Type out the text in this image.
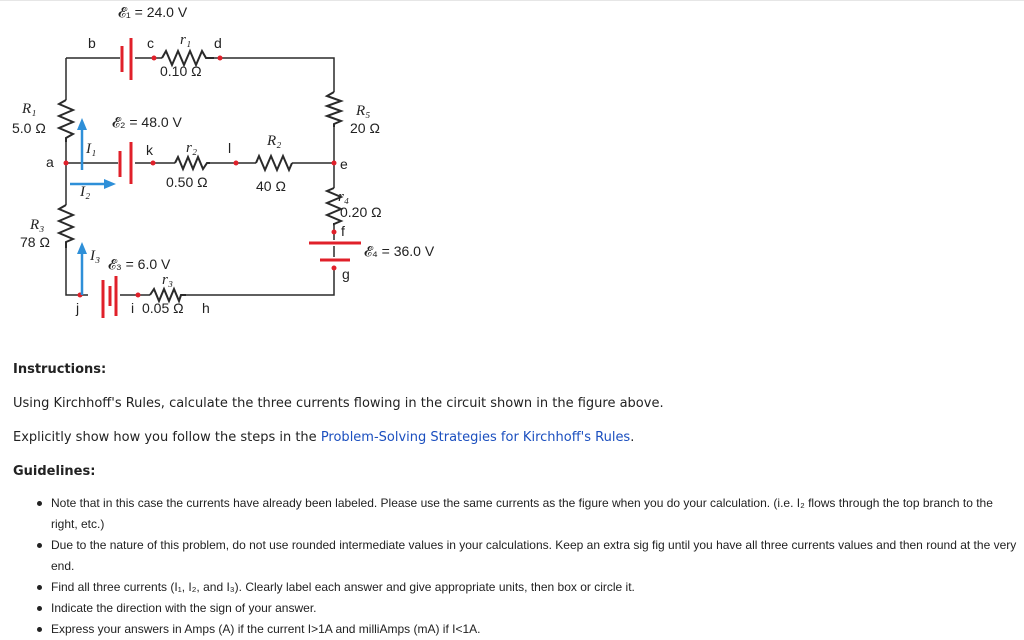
𝓔₁ = 24.0 V
b	c r₁ d
0.10 Ω
R₁
5.0 Ω
R₅
20 Ω
𝓔₂ = 48.0 V
I₁	k r₂ l R₂
a	e
I₂
0.50 Ω	40 Ω
r₄
0.20 Ω
f
𝓔₄ = 36.0 V
g
R₃
78 Ω
I₃ 𝓔₃ = 6.0 V
r₃
j	i 0.05 Ω h
Instructions:
Using Kirchhoff's Rules, calculate the three currents flowing in the circuit shown in the figure above.
Explicitly show how you follow the steps in the Problem-Solving Strategies for Kirchhoff's Rules.
Guidelines:
Note that in this case the currents have already been labeled. Please use the same currents as the figure when you do your calculation. (i.e. I₂ flows through the top branch to the right, etc.)
Due to the nature of this problem, do not use rounded intermediate values in your calculations. Keep an extra sig fig until you have all three currents values and then round at the very end.
Find all three currents (I₁, I₂, and I₃). Clearly label each answer and give appropriate units, then box or circle it.
Indicate the direction with the sign of your answer.
Express your answers in Amps (A) if the current I>1A and milliAmps (mA) if I<1A.
